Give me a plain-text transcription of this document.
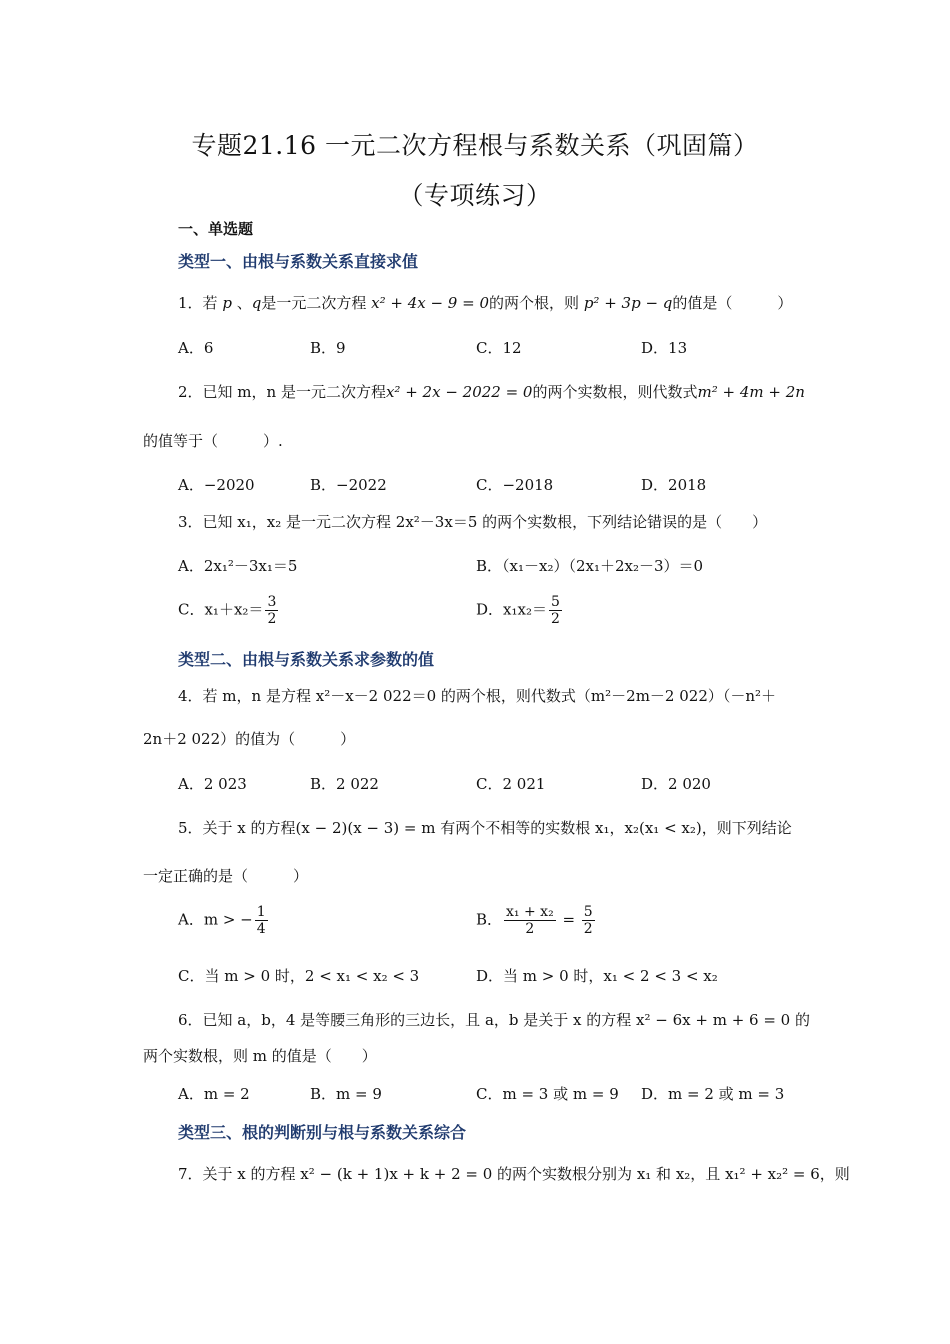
专题21.16 一元二次方程根与系数关系（巩固篇）
（专项练习）
一、单选题
类型一、由根与系数关系直接求值
1．若 p 、q是一元二次方程 x² + 4x − 9 = 0的两个根，则 p² + 3p − q的值是（　　　）
A．6	B．9	C．12	D．13
2．已知 m，n 是一元二次方程x² + 2x − 2022 = 0的两个实数根，则代数式m² + 4m + 2n
的值等于（　　　）.
A．−2020	B．−2022	C．−2018	D．2018
3．已知 x₁，x₂ 是一元二次方程 2x²－3x＝5 的两个实数根，下列结论错误的是（　　）
A．2x₁²－3x₁＝5	B．（x₁－x₂）（2x₁＋2x₂－3）＝0
C．$x_1+x_2= \frac{3}{2}$	D．$x_1x_2= \frac{5}{2}$
类型二、由根与系数关系求参数的值
4．若 m，n 是方程 x²－x－2 022＝0 的两个根，则代数式（m²－2m－2 022）（－n²＋
2n＋2 022）的值为（　　　）
A．2 023	B．2 022	C．2 021	D．2 020
5．关于 x 的方程(x − 2)(x − 3) = m 有两个不相等的实数根 x₁，x₂(x₁ < x₂)，则下列结论
一定正确的是（　　　）
A．m > − $\frac{1}{4}$	B． $\frac{\text{x₁ + x₂}}{2} = \frac{5}{2}$
C．当 m > 0 时，2 < x₁ < x₂ < 3	D．当 m > 0 时，x₁ < 2 < 3 < x₂
6．已知 a，b，4 是等腰三角形的三边长，且 a，b 是关于 x 的方程 x² − 6x + m + 6 = 0 的
两个实数根，则 m 的值是（　　）
A．m = 2	B．m = 9	C．m = 3 或 m = 9 D．m = 2 或 m = 3
类型三、根的判断别与根与系数关系综合
7．关于 x 的方程 x² − (k + 1)x + k + 2 = 0 的两个实数根分别为 x₁ 和 x₂，且 x₁² + x₂² = 6，则
